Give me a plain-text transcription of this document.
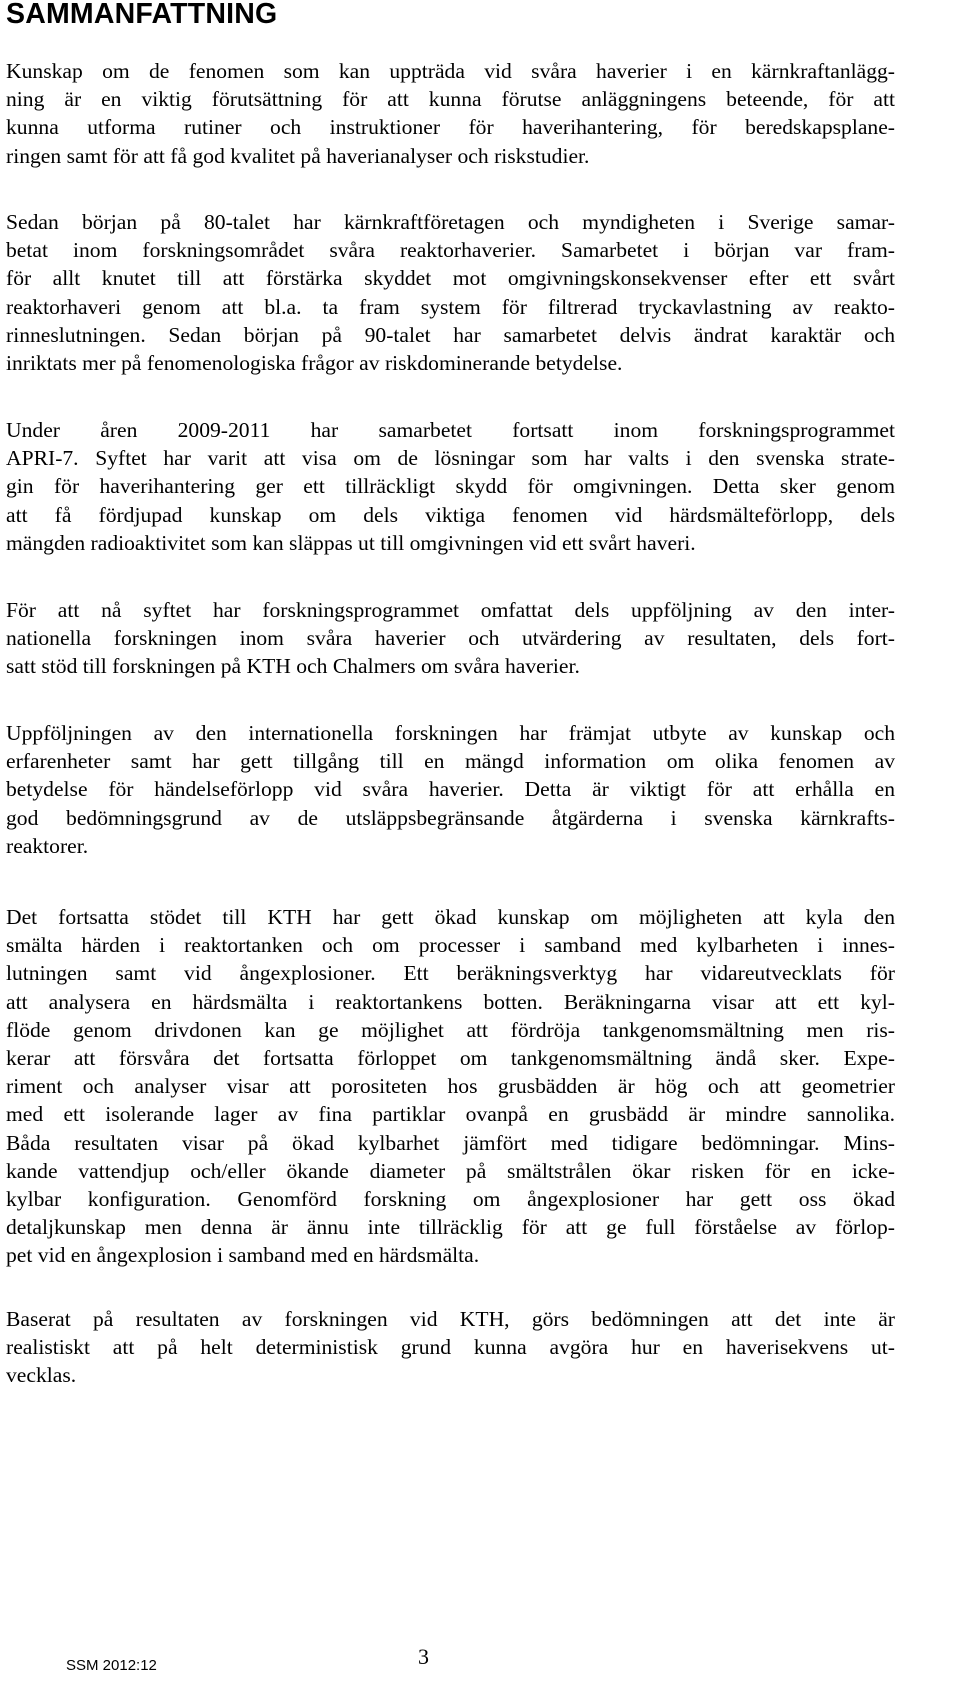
SAMMANFATTNING

Kunskap om de fenomen som kan uppträda vid svåra haverier i en kärnkraftanlägg-
ning är en viktig förutsättning för att kunna förutse anläggningens beteende, för att
kunna utforma rutiner och instruktioner för haverihantering, för beredskapsplane-
ringen samt för att få god kvalitet på haverianalyser och riskstudier.

Sedan början på 80-talet har kärnkraftföretagen och myndigheten i Sverige samar-
betat inom forskningsområdet svåra reaktorhaverier. Samarbetet i början var fram-
för allt knutet till att förstärka skyddet mot omgivningskonsekvenser efter ett svårt
reaktorhaveri genom att bl.a. ta fram system för filtrerad tryckavlastning av reakto-
rinneslutningen. Sedan början på 90-talet har samarbetet delvis ändrat karaktär och
inriktats mer på fenomenologiska frågor av riskdominerande betydelse.

Under åren 2009-2011 har samarbetet fortsatt inom forskningsprogrammet
APRI-7. Syftet har varit att visa om de lösningar som har valts i den svenska strate-
gin för haverihantering ger ett tillräckligt skydd för omgivningen. Detta sker genom
att få fördjupad kunskap om dels viktiga fenomen vid härdsmälteförlopp, dels
mängden radioaktivitet som kan släppas ut till omgivningen vid ett svårt haveri.

För att nå syftet har forskningsprogrammet omfattat dels uppföljning av den inter-
nationella forskningen inom svåra haverier och utvärdering av resultaten, dels fort-
satt stöd till forskningen på KTH och Chalmers om svåra haverier.

Uppföljningen av den internationella forskningen har främjat utbyte av kunskap och
erfarenheter samt har gett tillgång till en mängd information om olika fenomen av
betydelse för händelseförlopp vid svåra haverier. Detta är viktigt för att erhålla en
god bedömningsgrund av de utsläppsbegränsande åtgärderna i svenska kärnkrafts-
reaktorer.

Det fortsatta stödet till KTH har gett ökad kunskap om möjligheten att kyla den
smälta härden i reaktortanken och om processer i samband med kylbarheten i innes-
lutningen samt vid ångexplosioner. Ett beräkningsverktyg har vidareutvecklats för
att analysera en härdsmälta i reaktortankens botten. Beräkningarna visar att ett kyl-
flöde genom drivdonen kan ge möjlighet att fördröja tankgenomsmältning men ris-
kerar att försvåra det fortsatta förloppet om tankgenomsmältning ändå sker. Expe-
riment och analyser visar att porositeten hos grusbädden är hög och att geometrier
med ett isolerande lager av fina partiklar ovanpå en grusbädd är mindre sannolika.
Båda resultaten visar på ökad kylbarhet jämfört med tidigare bedömningar. Mins-
kande vattendjup och/eller ökande diameter på smältstrålen ökar risken för en icke-
kylbar konfiguration. Genomförd forskning om ångexplosioner har gett oss ökad
detaljkunskap men denna är ännu inte tillräcklig för att ge full förståelse av förlop-
pet vid en ångexplosion i samband med en härdsmälta.

Baserat på resultaten av forskningen vid KTH, görs bedömningen att det inte är
realistiskt att på helt deterministisk grund kunna avgöra hur en haverisekvens ut-
vecklas.

SSM 2012:12	3
